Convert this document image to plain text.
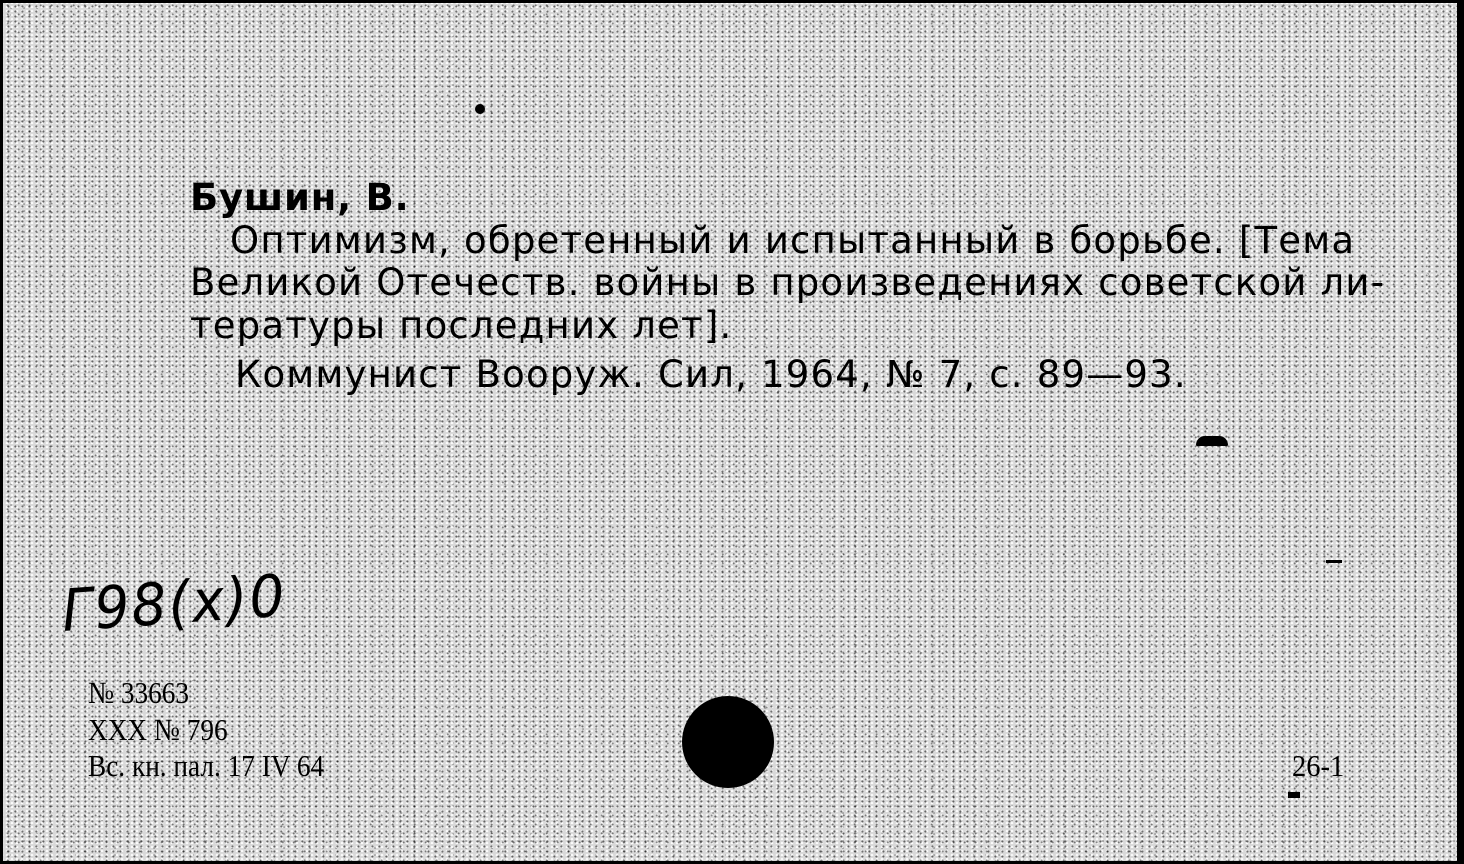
Бушин, В.
Оптимизм, обретенный и испытанный в борьбе. [Тема
Великой Отечеств. войны в произведениях советской ли-
тературы последних лет].
Коммунист Вооруж. Сил, 1964, № 7, с. 89—93.
Г98(х)0
№ 33663
XXX № 796
Вс. кн. пал. 17 IV 64	26-1
